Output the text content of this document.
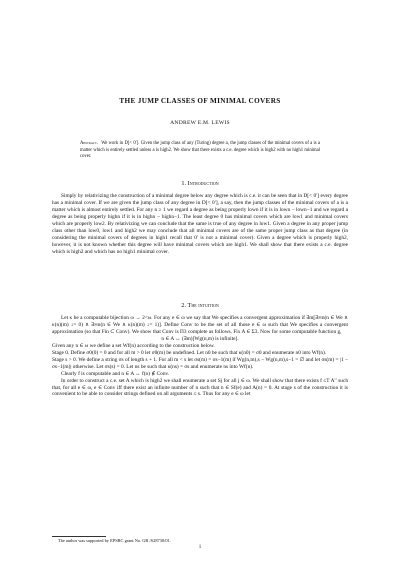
THE JUMP CLASSES OF MINIMAL COVERS
ANDREW E.M. LEWIS
Abstract. We work in D[< 0′]. Given the jump class of any (Turing) degree a, the jump classes of the minimal covers of a is a matter which is entirely settled unless a is high2. We show that there exists a c.e. degree which is high2 with no high1 minimal cover.
1. Introduction

Simply by relativizing the construction of a minimal degree below any degree which is c.e. it can be seen that in D[< 0′] every degree has a minimal cover. If we are given the jump class of any degree in D[< 0′], a say, then the jump classes of the minimal covers of a is a matter which is almost entirely settled. For any n ≥ 1 we regard a degree as being properly lown if it is in lown − lown−1 and we regard a degree as being properly highn if it is in highn − highn−1. The least degree 0 has minimal covers which are low1 and minimal covers which are properly low2. By relativizing we can conclude that the same is true of any degree in low1. Given a degree in any proper jump class other than low0, low1 and high2 we may conclude that all minimal covers are of the same proper jump class as that degree (in considering the minimal covers of degrees in high1 recall that 0′ is not a minimal cover). Given a degree which is properly high2, however, it is not known whether this degree will have minimal covers which are high1. We shall show that there exists a c.e. degree which is high2 and which has no high1 minimal cover.

2. The intuition

Let κ be a computable bijection ω → 2<ω. For any e ∈ ω we say that We specifies a convergent approximation if ∃m[∃∞n(n ∈ We ∧ κ(n)(m) ↓= 0) ∧ ∃∞n(n ∈ We ∧ κ(n)(m) ↓= 1)]. Define Conv to be the set of all those e ∈ ω such that We specifies a convergent approximation (so that Fin ⊂ Conv). We show that Conv is Π3 complete as follows. Fix A ∈ Σ3. Now for some computable function g,

n ∈ A ↔ (∃m)[Wg(n,m) is infinite].

Given any n ∈ ω we define a set Wf(n) according to the construction below.

Stage 0. Define σ0(0) = 0 and for all m > 0 let σ0(m) be undefined. Let n0 be such that κ(n0) = σ0 and enumerate n0 into Wf(n).

Stage s > 0. We define a string σs of length s + 1. For all m < s let σs(m) = σs−1(m) if Wg(n,m),s − Wg(n,m),s−1 = ∅ and let σs(m) = |1 − σs−1(m)| otherwise. Let σs(s) = 0. Let ns be such that κ(ns) = σs and enumerate ns into Wf(n).

Clearly f is computable and n ∈ A ↔ f(n) ∉ Conv.

In order to construct a c.e. set A which is high2 we shall enumerate a set Sj for all j ∈ ω. We shall show that there exists f ≤T A′′ such that, for all e ∈ ω, e ∈ Conv iff there exist an infinite number of n such that n ∈ Sf(e) and A(n) = 0. At stage s of the construction it is convenient to be able to consider strings defined on all arguments ≤ s. Thus for any e ∈ ω let

The author was supported by EPSRC grant No. GR /S28730/01.
1
